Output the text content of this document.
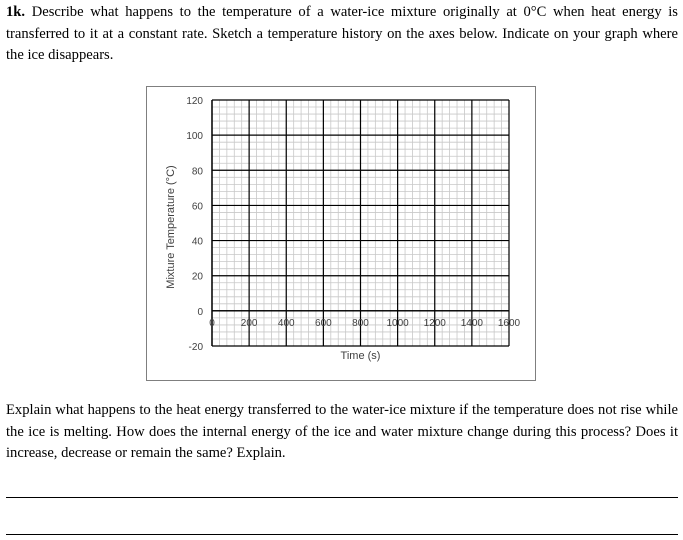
1k. Describe what happens to the temperature of a water-ice mixture originally at 0°C when heat energy is transferred to it at a constant rate. Sketch a temperature history on the axes below. Indicate on your graph where the ice disappears.

120
100
80
60
40
20
0
-20
0	200 400 600 800 1000 1200 1400 1600
Time (s)
Mixture Temperature (°C)

Explain what happens to the heat energy transferred to the water-ice mixture if the temperature does not rise while the ice is melting. How does the internal energy of the ice and water mixture change during this process? Does it increase, decrease or remain the same? Explain.
